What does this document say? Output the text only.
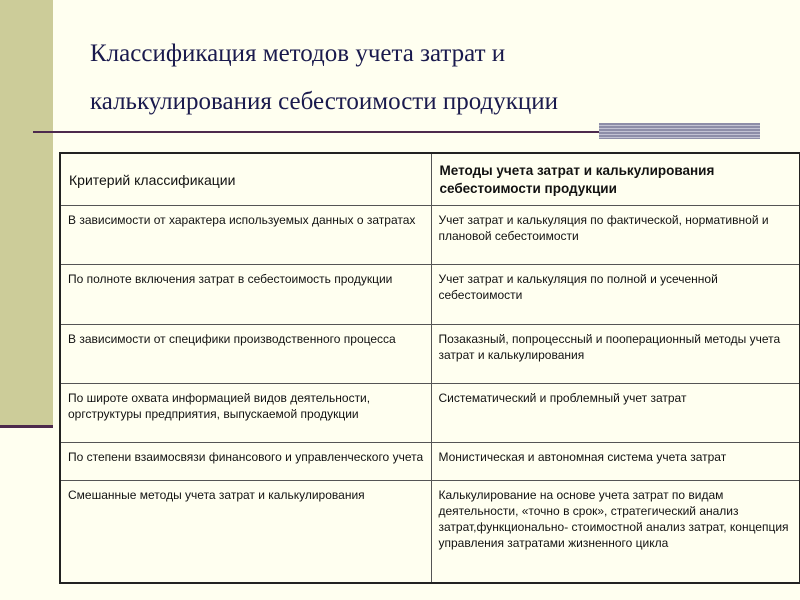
Классификация методов учета затрат и
калькулирования себестоимости продукции
Критерий классификации	Методы учета затрат и калькулирования себестоимости продукции
В зависимости от характера используемых данных о затратах	Учет затрат и калькуляция по фактической, нормативной и плановой себестоимости
По полноте включения затрат в себестоимость продукции	Учет затрат и калькуляция по полной и усеченной себестоимости
В зависимости от специфики производственного процесса	Позаказный, попроцессный и пооперационный методы учета затрат и калькулирования
По широте охвата информацией видов деятельности, оргструктуры предприятия, выпускаемой продукции	Систематический и проблемный учет затрат
По степени взаимосвязи финансового и управленческого учета	Монистическая и автономная система учета затрат
Смешанные методы учета затрат и калькулирования	Калькулирование на основе учета затрат по видам деятельности, «точно в срок», стратегический анализ затрат,функционально- стоимостной анализ затрат, концепция управления затратами жизненного цикла
